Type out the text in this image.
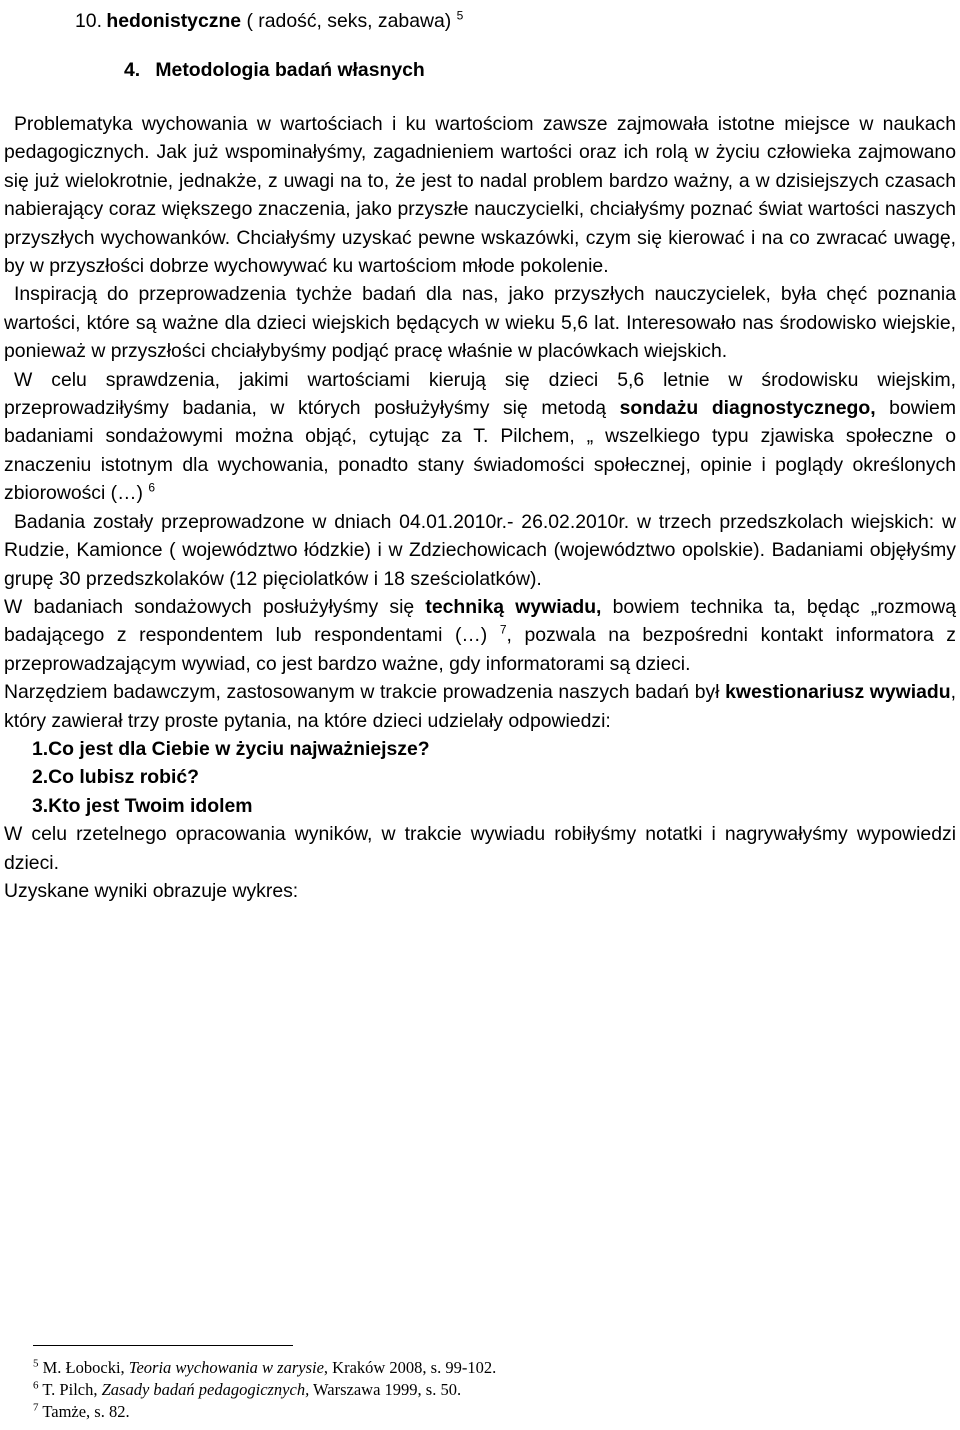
10. hedonistyczne ( radość, seks, zabawa) $^5$
4. Metodologia badań własnych

Problematyka wychowania w wartościach i ku wartościom zawsze zajmowała istotne miejsce w naukach pedagogicznych. Jak już wspominałyśmy, zagadnieniem wartości oraz ich rolą w życiu człowieka zajmowano się już wielokrotnie, jednakże, z uwagi na to, że jest to nadal problem bardzo ważny, a w dzisiejszych czasach nabierający coraz większego znaczenia, jako przyszłe nauczycielki, chciałyśmy poznać świat wartości naszych przyszłych wychowanków. Chciałyśmy uzyskać pewne wskazówki, czym się kierować i na co zwracać uwagę, by w przyszłości dobrze wychowywać ku wartościom młode pokolenie.

Inspiracją do przeprowadzenia tychże badań dla nas, jako przyszłych nauczycielek, była chęć poznania wartości, które są ważne dla dzieci wiejskich będących w wieku 5,6 lat. Interesowało nas środowisko wiejskie, ponieważ w przyszłości chciałybyśmy podjąć pracę właśnie w placówkach wiejskich.

W celu sprawdzenia, jakimi wartościami kierują się dzieci 5,6 letnie w środowisku wiejskim, przeprowadziłyśmy badania, w których posłużyłyśmy się metodą sondażu diagnostycznego, bowiem badaniami sondażowymi można objąć, cytując za T. Pilchem, „ wszelkiego typu zjawiska społeczne o znaczeniu istotnym dla wychowania, ponadto stany świadomości społecznej, opinie i poglądy określonych zbiorowości (…) $^6$

Badania zostały przeprowadzone w dniach 04.01.2010r.- 26.02.2010r. w trzech przedszkolach wiejskich: w Rudzie, Kamionce ( województwo łódzkie) i w Zdziechowicach (województwo opolskie). Badaniami objęłyśmy grupę 30 przedszkolaków (12 pięciolatków i 18 sześciolatków).

W badaniach sondażowych posłużyłyśmy się techniką wywiadu, bowiem technika ta, będąc „rozmową badającego z respondentem lub respondentami (…) $^7$, pozwala na bezpośredni kontakt informatora z przeprowadzającym wywiad, co jest bardzo ważne, gdy informatorami są dzieci.

Narzędziem badawczym, zastosowanym w trakcie prowadzenia naszych badań był kwestionariusz wywiadu, który zawierał trzy proste pytania, na które dzieci udzielały odpowiedzi:

1.Co jest dla Ciebie w życiu najważniejsze?
2.Co lubisz robić?
3.Kto jest Twoim idolem

W celu rzetelnego opracowania wyników, w trakcie wywiadu robiłyśmy notatki i nagrywałyśmy wypowiedzi dzieci.

Uzyskane wyniki obrazuje wykres:

$^5$ M. Łobocki, Teoria wychowania w zarysie, Kraków 2008, s. 99-102.

$^6$ T. Pilch, Zasady badań pedagogicznych, Warszawa 1999, s. 50.

$^7$ Tamże, s. 82.
